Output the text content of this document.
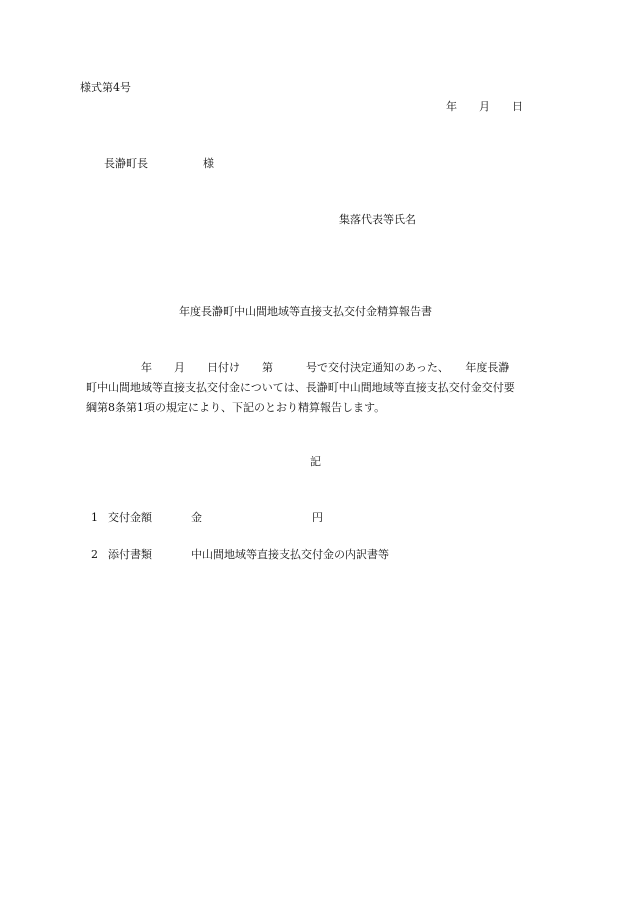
様式第4号
年　　月　　日
長瀞町長　　　　　様
集落代表等氏名
年度長瀞町中山間地域等直接支払交付金精算報告書
　　　　　年　　月　　日付け　　第　　　号で交付決定通知のあった、　　年度長瀞
町中山間地域等直接支払交付金については、長瀞町中山間地域等直接支払交付金交付要
綱第8条第1項の規定により、下記のとおり精算報告します。
記
1 交付金額	金　　　　　　　　　　円
2 添付書類	中山間地域等直接支払交付金の内訳書等
